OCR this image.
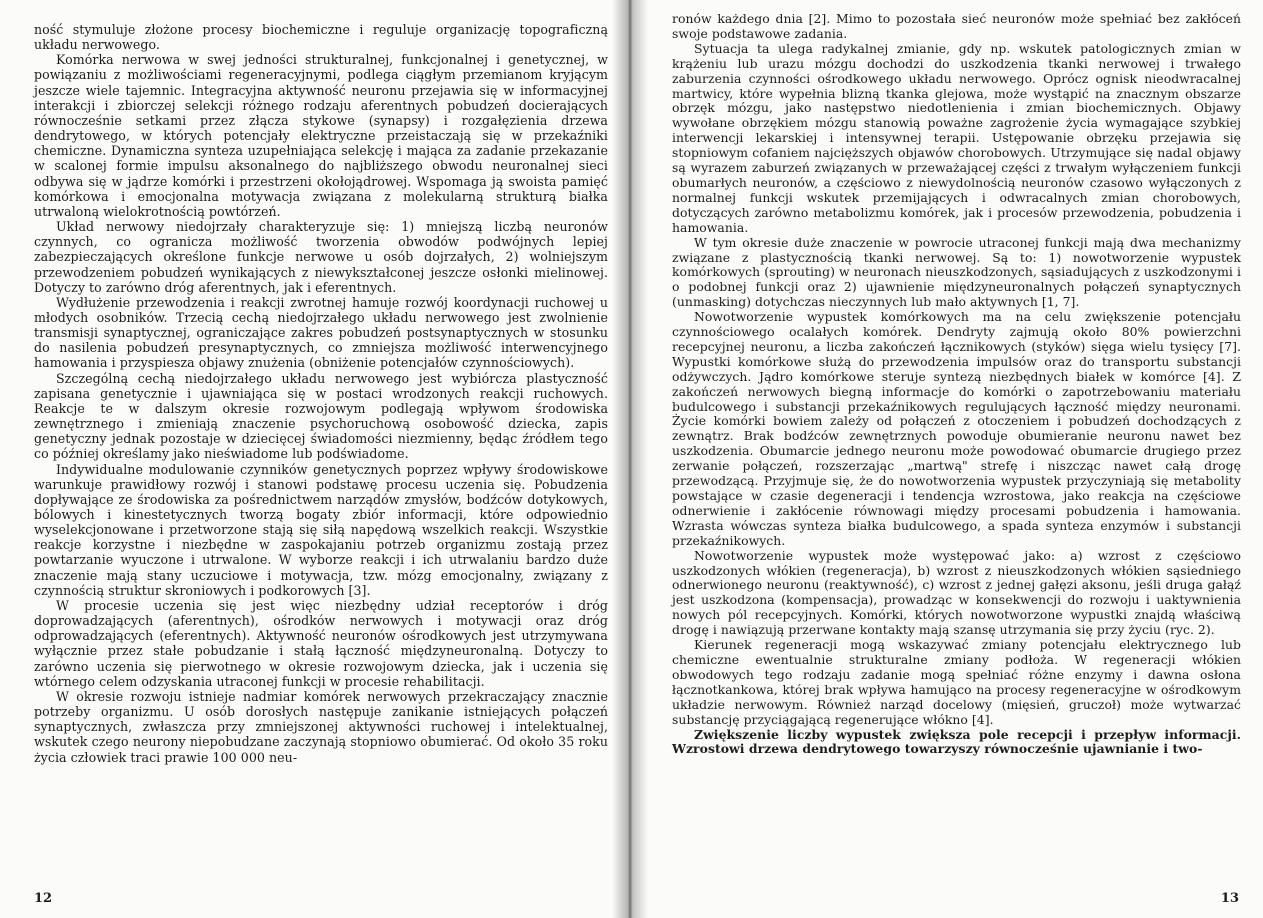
ność stymuluje złożone procesy biochemiczne i reguluje organizację topograficzną układu nerwowego.

Komórka nerwowa w swej jedności strukturalnej, funkcjonalnej i genetycznej, w powiązaniu z możliwościami regeneracyjnymi, podlega ciągłym przemianom kryjącym jeszcze wiele tajemnic. Integracyjna aktywność neuronu przejawia się w informacyjnej interakcji i zbiorczej selekcji różnego rodzaju aferentnych pobudzeń docierających równocześnie setkami przez złącza stykowe (synapsy) i rozgałęzienia drzewa dendrytowego, w których potencjały elektryczne przeistaczają się w przekaźniki chemiczne. Dynamiczna synteza uzupełniająca selekcję i mająca za zadanie przekazanie w scalonej formie impulsu aksonalnego do najbliższego obwodu neuronalnej sieci odbywa się w jądrze komórki i przestrzeni okołojądrowej. Wspomaga ją swoista pamięć komórkowa i emocjonalna motywacja związana z molekularną strukturą białka utrwaloną wielokrotnością powtórzeń.

Układ nerwowy niedojrzały charakteryzuje się: 1) mniejszą liczbą neuronów czynnych, co ogranicza możliwość tworzenia obwodów podwójnych lepiej zabezpieczających określone funkcje nerwowe u osób dojrzałych, 2) wolniejszym przewodzeniem pobudzeń wynikających z niewykształconej jeszcze osłonki mielinowej. Dotyczy to zarówno dróg aferentnych, jak i eferentnych.

Wydłużenie przewodzenia i reakcji zwrotnej hamuje rozwój koordynacji ruchowej u młodych osobników. Trzecią cechą niedojrzałego układu nerwowego jest zwolnienie transmisji synaptycznej, ograniczające zakres pobudzeń postsynaptycznych w stosunku do nasilenia pobudzeń presynaptycznych, co zmniejsza możliwość interwencyjnego hamowania i przyspiesza objawy znużenia (obniżenie potencjałów czynnościowych).

Szczególną cechą niedojrzałego układu nerwowego jest wybiórcza plastyczność zapisana genetycznie i ujawniająca się w postaci wrodzonych reakcji ruchowych. Reakcje te w dalszym okresie rozwojowym podlegają wpływom środowiska zewnętrznego i zmieniają znaczenie psychoruchową osobowość dziecka, zapis genetyczny jednak pozostaje w dziecięcej świadomości niezmienny, będąc źródłem tego co później określamy jako nieświadome lub podświadome.

Indywidualne modulowanie czynników genetycznych poprzez wpływy środowiskowe warunkuje prawidłowy rozwój i stanowi podstawę procesu uczenia się. Pobudzenia dopływające ze środowiska za pośrednictwem narządów zmysłów, bodźców dotykowych, bólowych i kinestetycznych tworzą bogaty zbiór informacji, które odpowiednio wyselekcjonowane i przetworzone stają się siłą napędową wszelkich reakcji. Wszystkie reakcje korzystne i niezbędne w zaspokajaniu potrzeb organizmu zostają przez powtarzanie wyuczone i utrwalone. W wyborze reakcji i ich utrwalaniu bardzo duże znaczenie mają stany uczuciowe i motywacja, tzw. mózg emocjonalny, związany z czynnością struktur skroniowych i podkorowych [3].

W procesie uczenia się jest więc niezbędny udział receptorów i dróg doprowadzających (aferentnych), ośrodków nerwowych i motywacji oraz dróg odprowadzających (eferentnych). Aktywność neuronów ośrodkowych jest utrzymywana wyłącznie przez stałe pobudzanie i stałą łączność międzyneuronalną. Dotyczy to zarówno uczenia się pierwotnego w okresie rozwojowym dziecka, jak i uczenia się wtórnego celem odzyskania utraconej funkcji w procesie rehabilitacji.

W okresie rozwoju istnieje nadmiar komórek nerwowych przekraczający znacznie potrzeby organizmu. U osób dorosłych następuje zanikanie istniejących połączeń synaptycznych, zwłaszcza przy zmniejszonej aktywności ruchowej i intelektualnej, wskutek czego neurony niepobudzane zaczynają stopniowo obumierać. Od około 35 roku życia człowiek traci prawie 100 000 neu-

12

ronów każdego dnia [2]. Mimo to pozostała sieć neuronów może spełniać bez zakłóceń swoje podstawowe zadania.

Sytuacja ta ulega radykalnej zmianie, gdy np. wskutek patologicznych zmian w krążeniu lub urazu mózgu dochodzi do uszkodzenia tkanki nerwowej i trwałego zaburzenia czynności ośrodkowego układu nerwowego. Oprócz ognisk nieodwracalnej martwicy, które wypełnia blizną tkanka glejowa, może wystąpić na znacznym obszarze obrzęk mózgu, jako następstwo niedotlenienia i zmian biochemicznych. Objawy wywołane obrzękiem mózgu stanowią poważne zagrożenie życia wymagające szybkiej interwencji lekarskiej i intensywnej terapii. Ustępowanie obrzęku przejawia się stopniowym cofaniem najcięższych objawów chorobowych. Utrzymujące się nadal objawy są wyrazem zaburzeń związanych w przeważającej części z trwałym wyłączeniem funkcji obumarłych neuronów, a częściowo z niewydolnością neuronów czasowo wyłączonych z normalnej funkcji wskutek przemijających i odwracalnych zmian chorobowych, dotyczących zarówno metabolizmu komórek, jak i procesów przewodzenia, pobudzenia i hamowania.

W tym okresie duże znaczenie w powrocie utraconej funkcji mają dwa mechanizmy związane z plastycznością tkanki nerwowej. Są to: 1) nowotworzenie wypustek komórkowych (sprouting) w neuronach nieuszkodzonych, sąsiadujących z uszkodzonymi i o podobnej funkcji oraz 2) ujawnienie międzyneuronalnych połączeń synaptycznych (unmasking) dotychczas nieczynnych lub mało aktywnych [1, 7].

Nowotworzenie wypustek komórkowych ma na celu zwiększenie potencjału czynnościowego ocalałych komórek. Dendryty zajmują około 80% powierzchni recepcyjnej neuronu, a liczba zakończeń łącznikowych (styków) sięga wielu tysięcy [7]. Wypustki komórkowe służą do przewodzenia impulsów oraz do transportu substancji odżywczych. Jądro komórkowe steruje syntezą niezbędnych białek w komórce [4]. Z zakończeń nerwowych biegną informacje do komórki o zapotrzebowaniu materiału budulcowego i substancji przekaźnikowych regulujących łączność między neuronami. Życie komórki bowiem zależy od połączeń z otoczeniem i pobudzeń dochodzących z zewnątrz. Brak bodźców zewnętrznych powoduje obumieranie neuronu nawet bez uszkodzenia. Obumarcie jednego neuronu może powodować obumarcie drugiego przez zerwanie połączeń, rozszerzając „martwą" strefę i niszcząc nawet całą drogę przewodzącą. Przyjmuje się, że do nowotworzenia wypustek przyczyniają się metabolity powstające w czasie degeneracji i tendencja wzrostowa, jako reakcja na częściowe odnerwienie i zakłócenie równowagi między procesami pobudzenia i hamowania. Wzrasta wówczas synteza białka budulcowego, a spada synteza enzymów i substancji przekaźnikowych.

Nowotworzenie wypustek może występować jako: a) wzrost z częściowo uszkodzonych włókien (regeneracja), b) wzrost z nieuszkodzonych włókien sąsiedniego odnerwionego neuronu (reaktywność), c) wzrost z jednej gałęzi aksonu, jeśli druga gałąź jest uszkodzona (kompensacja), prowadząc w konsekwencji do rozwoju i uaktywnienia nowych pól recepcyjnych. Komórki, których nowotworzone wypustki znajdą właściwą drogę i nawiązują przerwane kontakty mają szansę utrzymania się przy życiu (ryc. 2).

Kierunek regeneracji mogą wskazywać zmiany potencjału elektrycznego lub chemiczne ewentualnie strukturalne zmiany podłoża. W regeneracji włókien obwodowych tego rodzaju zadanie mogą spełniać różne enzymy i dawna osłona łącznotkankowa, której brak wpływa hamująco na procesy regeneracyjne w ośrodkowym układzie nerwowym. Również narząd docelowy (mięsień, gruczoł) może wytwarzać substancję przyciągającą regenerujące włókno [4].

Zwiększenie liczby wypustek zwiększa pole recepcji i przepływ informacji. Wzrostowi drzewa dendrytowego towarzyszy równocześnie ujawnianie i two-

13
